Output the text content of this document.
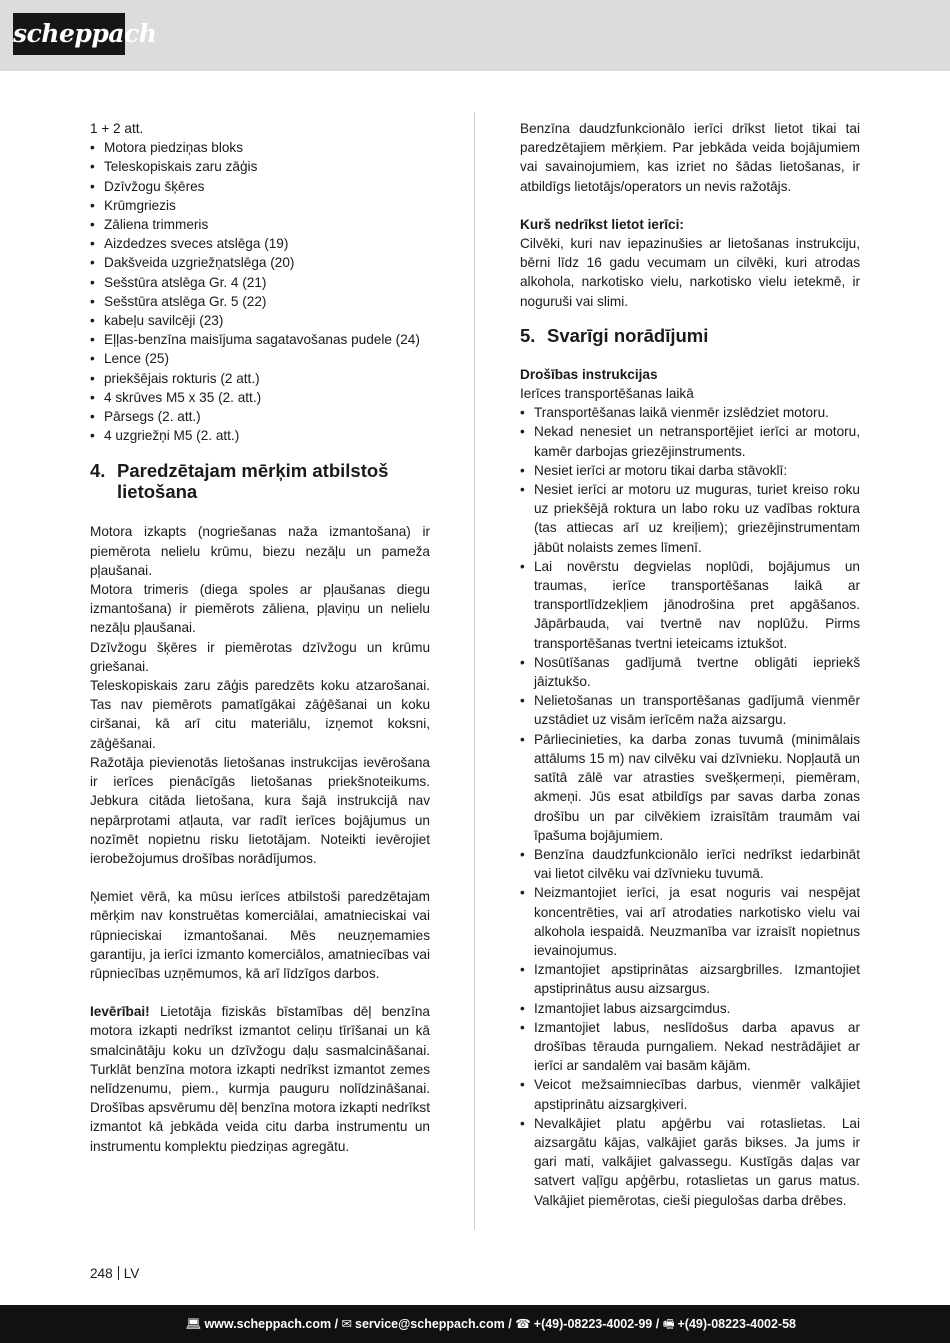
scheppach

1 + 2 att.

• Motora piedziņas bloks
• Teleskopiskais zaru zāģis
• Dzīvžogu šķēres
• Krūmgriezis
• Zāliena trimmeris
• Aizdedzes sveces atslēga (19)
• Dakšveida uzgriežņatslēga (20)
• Sešstūra atslēga Gr. 4 (21)
• Sešstūra atslēga Gr. 5 (22)
• kabeļu savilcēji (23)
• Eļļas-benzīna maisījuma sagatavošanas pudele (24)
• Lence (25)
• priekšējais rokturis (2 att.)
• 4 skrūves M5 x 35 (2. att.)
• Pārsegs (2. att.)
• 4 uzgriežņi M5 (2. att.)
4. Paredzētajam mērķim atbilstoš lietošana

Motora izkapts (nogriešanas naža izmantošana) ir piemērota nelielu krūmu, biezu nezāļu un pameža pļaušanai.

Motora trimeris (diega spoles ar pļaušanas diegu izmantošana) ir piemērots zāliena, pļaviņu un nelielu nezāļu pļaušanai.

Dzīvžogu šķēres ir piemērotas dzīvžogu un krūmu griešanai.

Teleskopiskais zaru zāģis paredzēts koku atzarošanai. Tas nav piemērots pamatīgākai zāģēšanai un koku ciršanai, kā arī citu materiālu, izņemot koksni, zāģēšanai.

Ražotāja pievienotās lietošanas instrukcijas ievērošana ir ierīces pienācīgās lietošanas priekšnoteikums. Jebkura citāda lietošana, kura šajā instrukcijā nav nepārprotami atļauta, var radīt ierīces bojājumus un nozīmēt nopietnu risku lietotājam. Noteikti ievērojiet ierobežojumus drošības norādījumos.

Ņemiet vērā, ka mūsu ierīces atbilstoši paredzētajam mērķim nav konstruētas komerciālai, amatnieciskai vai rūpnieciskai izmantošanai. Mēs neuzņemamies garantiju, ja ierīci izmanto komerciālos, amatniecības vai rūpniecības uzņēmumos, kā arī līdzīgos darbos.

Ievērībai! Lietotāja fiziskās bīstamības dēļ benzīna motora izkapti nedrīkst izmantot celiņu tīrīšanai un kā smalcinātāju koku un dzīvžogu daļu sasmalcināšanai. Turklāt benzīna motora izkapti nedrīkst izmantot zemes nelīdzenumu, piem., kurmja pauguru nolīdzināšanai. Drošības apsvērumu dēļ benzīna motora izkapti nedrīkst izmantot kā jebkāda veida citu darba instrumentu un instrumentu komplektu piedziņas agregātu.

Benzīna daudzfunkcionālo ierīci drīkst lietot tikai tai paredzētajiem mērķiem. Par jebkāda veida bojājumiem vai savainojumiem, kas izriet no šādas lietošanas, ir atbildīgs lietotājs/operators un nevis ražotājs.

Kurš nedrīkst lietot ierīci:

Cilvēki, kuri nav iepazinušies ar lietošanas instrukciju, bērni līdz 16 gadu vecumam un cilvēki, kuri atrodas alkohola, narkotisko vielu, narkotisko vielu ietekmē, ir noguruši vai slimi.

5. Svarīgi norādījumi

Drošības instrukcijas

Ierīces transportēšanas laikā

• Transportēšanas laikā vienmēr izslēdziet motoru.
• Nekad nenesiet un netransportējiet ierīci ar motoru, kamēr darbojas griezējinstruments.
• Nesiet ierīci ar motoru tikai darba stāvoklī:
• Nesiet ierīci ar motoru uz muguras, turiet kreiso roku uz priekšējā roktura un labo roku uz vadības roktura (tas attiecas arī uz kreiļiem); griezējinstrumentam jābūt nolaists zemes līmenī.
• Lai novērstu degvielas noplūdi, bojājumus un traumas, ierīce transportēšanas laikā ar transportlīdzekļiem jānodrošina pret apgāšanos. Jāpārbauda, vai tvertnē nav noplūžu. Pirms transportēšanas tvertni ieteicams iztukšot.
• Nosūtīšanas gadījumā tvertne obligāti iepriekš jāiztukšo.
• Nelietošanas un transportēšanas gadījumā vienmēr uzstādiet uz visām ierīcēm naža aizsargu.
• Pārliecinieties, ka darba zonas tuvumā (minimālais attālums 15 m) nav cilvēku vai dzīvnieku. Nopļautā un satītā zālē var atrasties svešķermeņi, piemēram, akmeņi. Jūs esat atbildīgs par savas darba zonas drošību un par cilvēkiem izraisītām traumām vai īpašuma bojājumiem.
• Benzīna daudzfunkcionālo ierīci nedrīkst iedarbināt vai lietot cilvēku vai dzīvnieku tuvumā.
• Neizmantojiet ierīci, ja esat noguris vai nespējat koncentrēties, vai arī atrodaties narkotisko vielu vai alkohola iespaidā. Neuzmanība var izraisīt nopietnus ievainojumus.
• Izmantojiet apstiprinātas aizsargbrilles. Izmantojiet apstiprinātus ausu aizsargus.
• Izmantojiet labus aizsargcimdus.
• Izmantojiet labus, neslīdošus darba apavus ar drošības tērauda purngaliem. Nekad nestrādājiet ar ierīci ar sandalēm vai basām kājām.
• Veicot mežsaimniecības darbus, vienmēr valkājiet apstiprinātu aizsargķiveri.
• Nevalkājiet platu apģērbu vai rotaslietas. Lai aizsargātu kājas, valkājiet garās bikses. Ja jums ir gari mati, valkājiet galvassegu. Kustīgās daļas var satvert vaļīgu apģērbu, rotaslietas un garus matus. Valkājiet piemērotas, cieši piegulošas darba drēbes.
248 LV
💻︎ www.scheppach.com / ✉︎ service@scheppach.com / ☎︎ +(49)-08223-4002-99 / 🖷︎ +(49)-08223-4002-58
